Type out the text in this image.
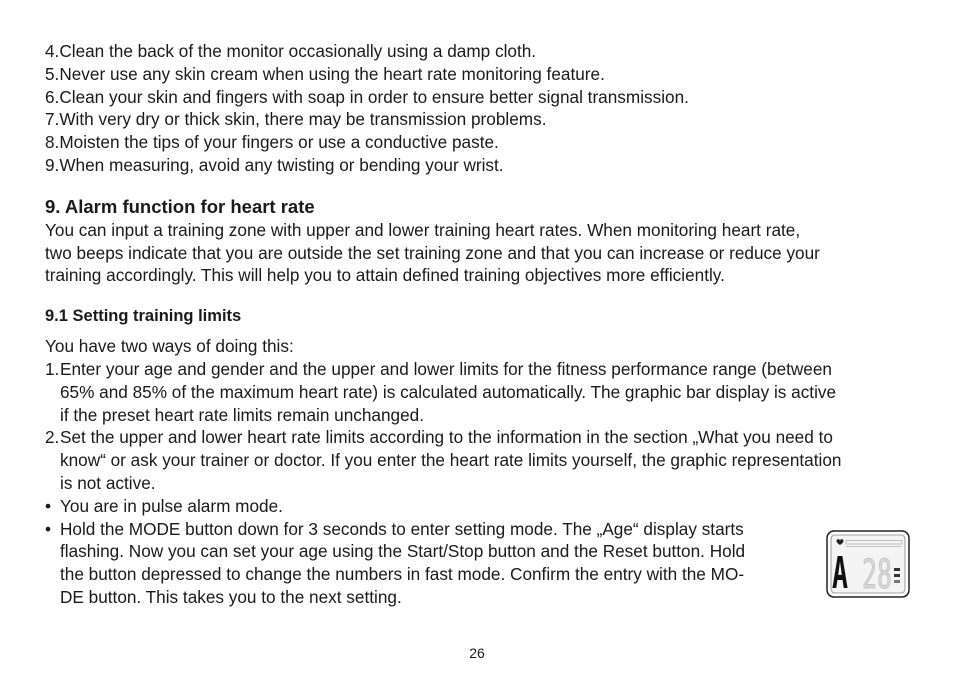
4.Clean the back of the monitor occasionally using a damp cloth.
5.Never use any skin cream when using the heart rate monitoring feature.
6.Clean your skin and fingers with soap in order to ensure better signal transmission.
7.With very dry or thick skin, there may be transmission problems.
8.Moisten the tips of your fingers or use a conductive paste.
9.When measuring, avoid any twisting or bending your wrist.
9. Alarm function for heart rate
You can input a training zone with upper and lower training heart rates. When monitoring heart rate,
two beeps indicate that you are outside the set training zone and that you can increase or reduce your
training accordingly. This will help you to attain defined training objectives more efficiently.
9.1 Setting training limits
You have two ways of doing this:
1. Enter your age and gender and the upper and lower limits for the fitness performance range (between
65% and 85% of the maximum heart rate) is calculated automatically. The graphic bar display is active
if the preset heart rate limits remain unchanged.
2. Set the upper and lower heart rate limits according to the information in the section „What you need to
know“ or ask your trainer or doctor. If you enter the heart rate limits yourself, the graphic representation
is not active.
• You are in pulse alarm mode.
• Hold the MODE button down for 3 seconds to enter setting mode. The „Age“ display starts
flashing. Now you can set your age using the Start/Stop button and the Reset button. Hold
the button depressed to change the numbers in fast mode. Confirm the entry with the MO-
DE button. This takes you to the next setting.	A 28
26
